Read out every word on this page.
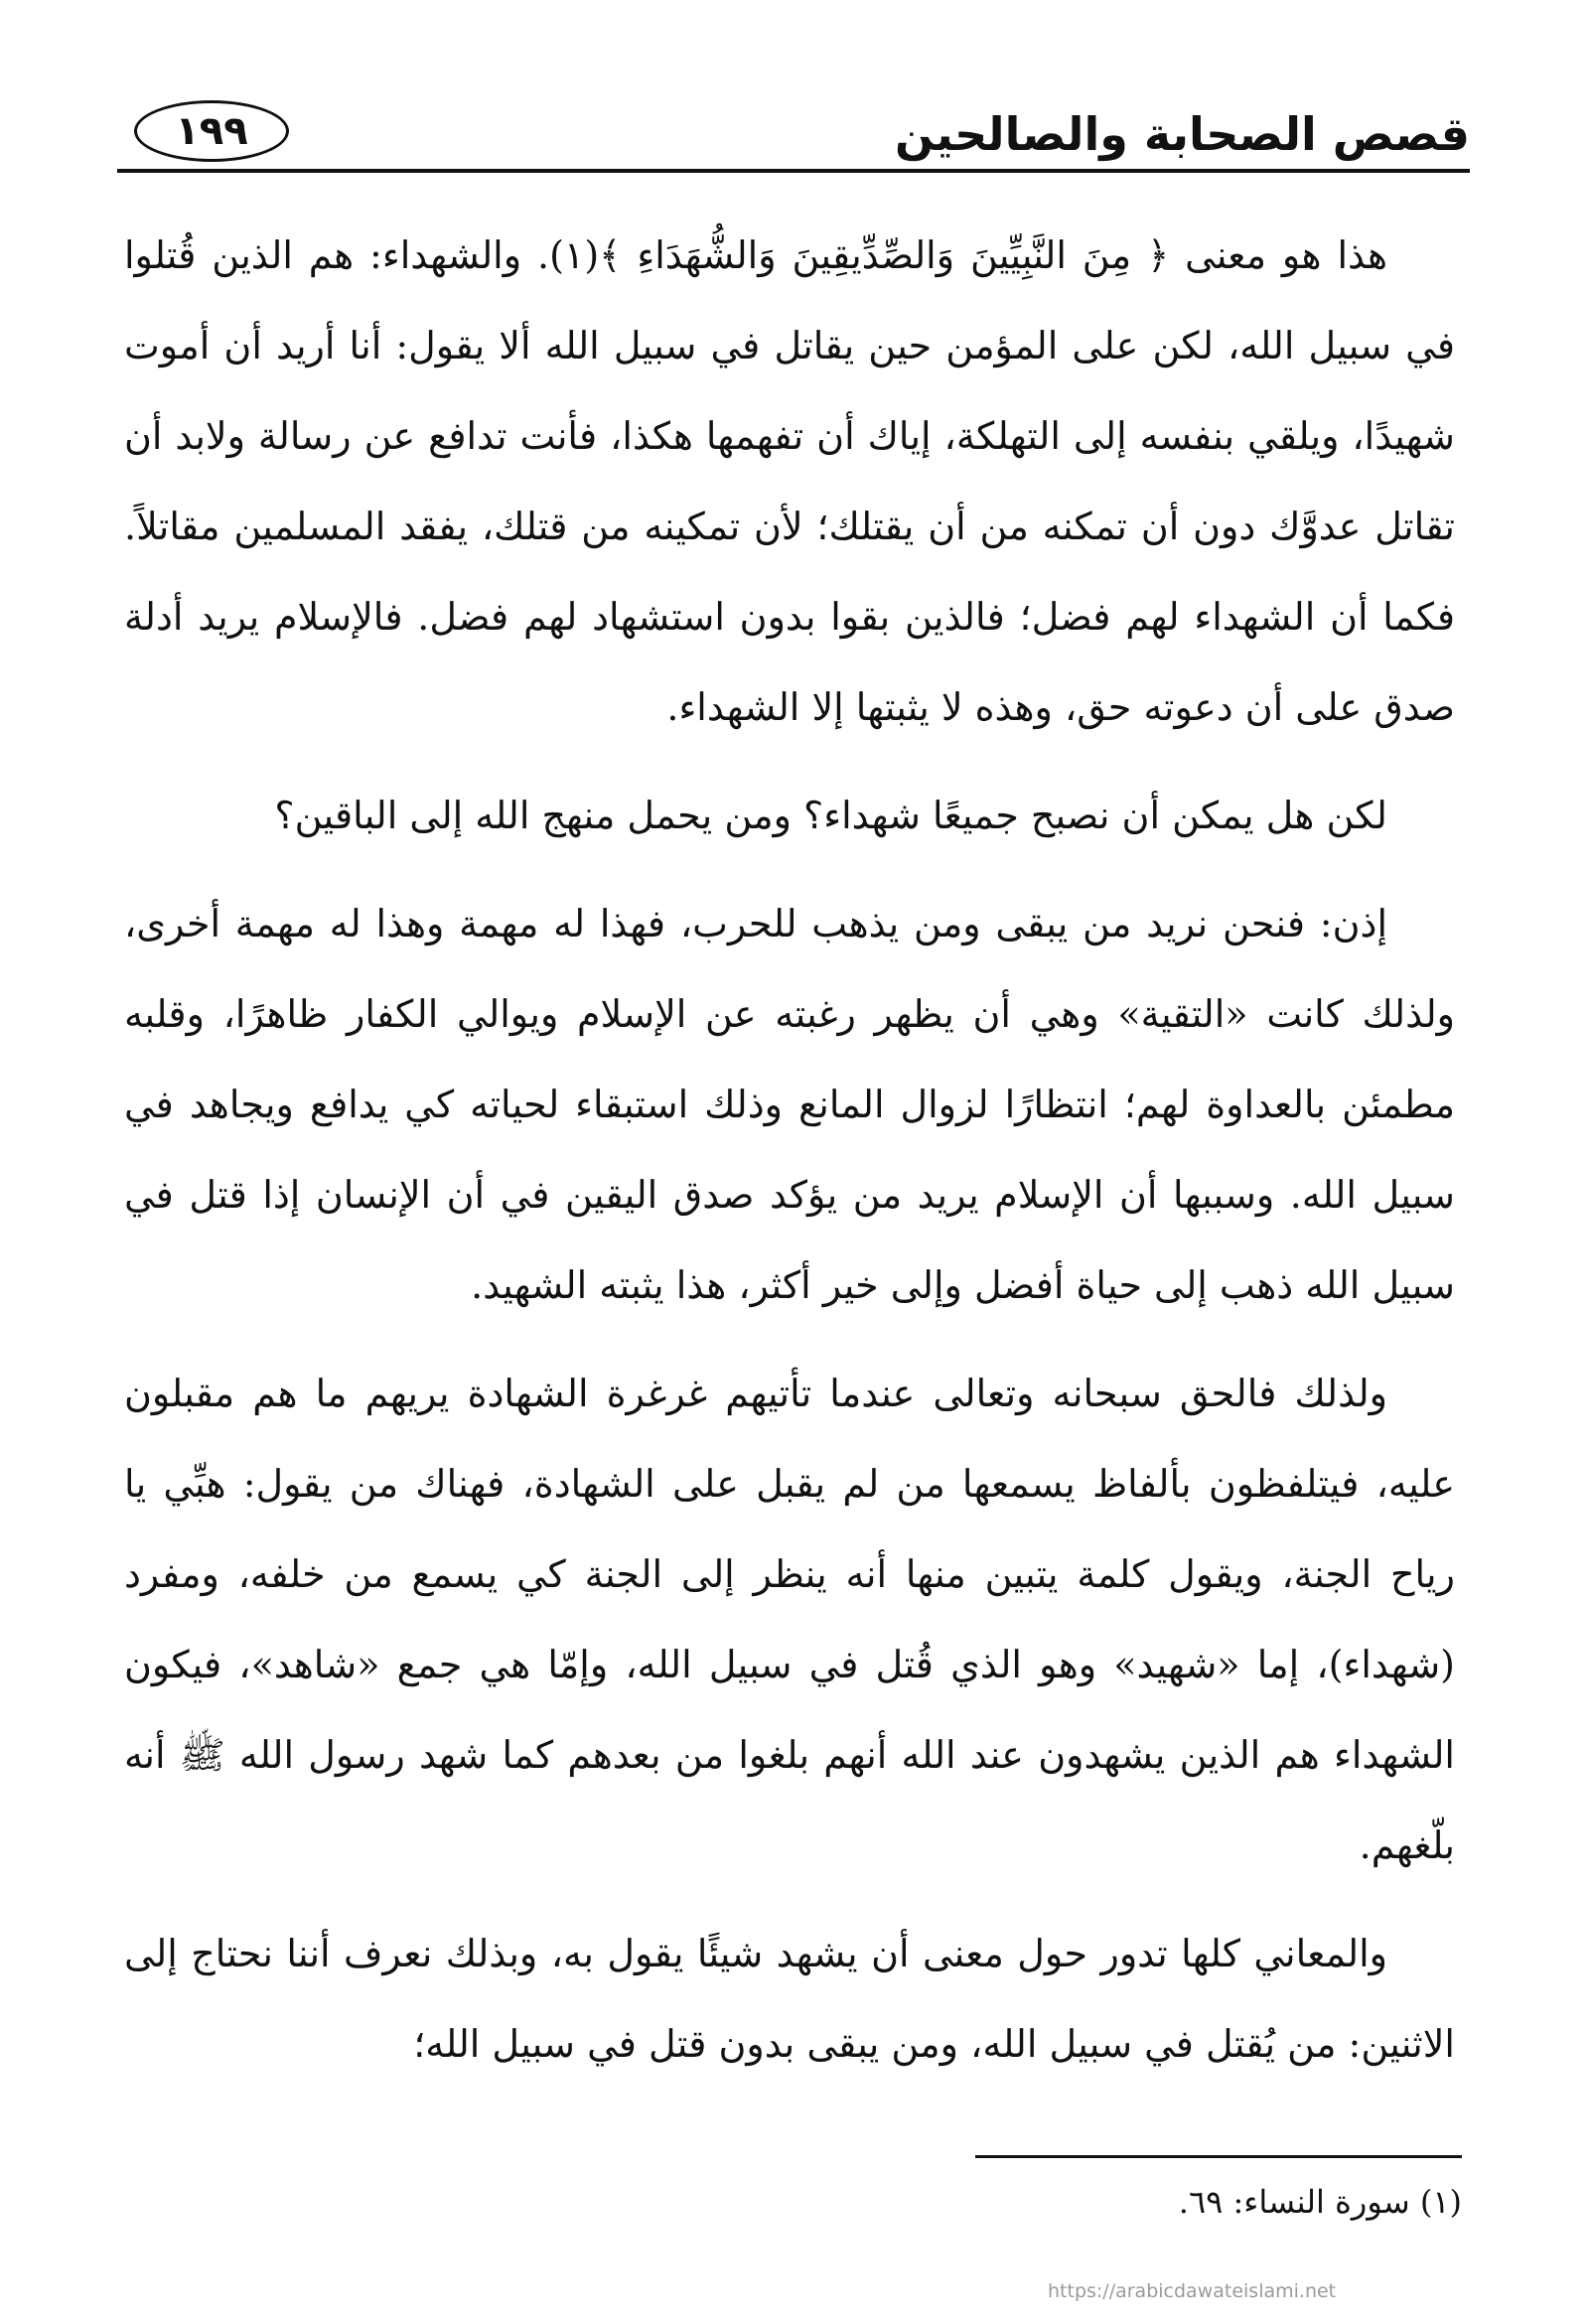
قصص الصحابة والصالحين
١٩٩

هذا هو معنى ﴿ مِنَ النَّبِيِّينَ وَالصِّدِّيقِينَ وَالشُّهَدَاءِ ﴾(١). والشهداء: هم الذين قُتلوا في سبيل الله، لكن على المؤمن حين يقاتل في سبيل الله ألا يقول: أنا أريد أن أموت شهيدًا، ويلقي بنفسه إلى التهلكة، إياك أن تفهمها هكذا، فأنت تدافع عن رسالة ولابد أن تقاتل عدوَّك دون أن تمكنه من أن يقتلك؛ لأن تمكينه من قتلك، يفقد المسلمين مقاتلاً. فكما أن الشهداء لهم فضل؛ فالذين بقوا بدون استشهاد لهم فضل. فالإسلام يريد أدلة صدق على أن دعوته حق، وهذه لا يثبتها إلا الشهداء.

لكن هل يمكن أن نصبح جميعًا شهداء؟ ومن يحمل منهج الله إلى الباقين؟

إذن: فنحن نريد من يبقى ومن يذهب للحرب، فهذا له مهمة وهذا له مهمة أخرى، ولذلك كانت «التقية» وهي أن يظهر رغبته عن الإسلام ويوالي الكفار ظاهرًا، وقلبه مطمئن بالعداوة لهم؛ انتظارًا لزوال المانع وذلك استبقاء لحياته كي يدافع ويجاهد في سبيل الله. وسببها أن الإسلام يريد من يؤكد صدق اليقين في أن الإنسان إذا قتل في سبيل الله ذهب إلى حياة أفضل وإلى خير أكثر، هذا يثبته الشهيد.

ولذلك فالحق سبحانه وتعالى عندما تأتيهم غرغرة الشهادة يريهم ما هم مقبلون عليه، فيتلفظون بألفاظ يسمعها من لم يقبل على الشهادة، فهناك من يقول: هبِّي يا رياح الجنة، ويقول كلمة يتبين منها أنه ينظر إلى الجنة كي يسمع من خلفه، ومفرد (شهداء)، إما «شهيد» وهو الذي قُتل في سبيل الله، وإمّا هي جمع «شاهد»، فيكون الشهداء هم الذين يشهدون عند الله أنهم بلغوا من بعدهم كما شهد رسول الله ﷺ أنه بلّغهم.

والمعاني كلها تدور حول معنى أن يشهد شيئًا يقول به، وبذلك نعرف أننا نحتاج إلى الاثنين: من يُقتل في سبيل الله، ومن يبقى بدون قتل في سبيل الله؛

(١) سورة النساء: ٦٩.
https://arabicdawateislami.net
